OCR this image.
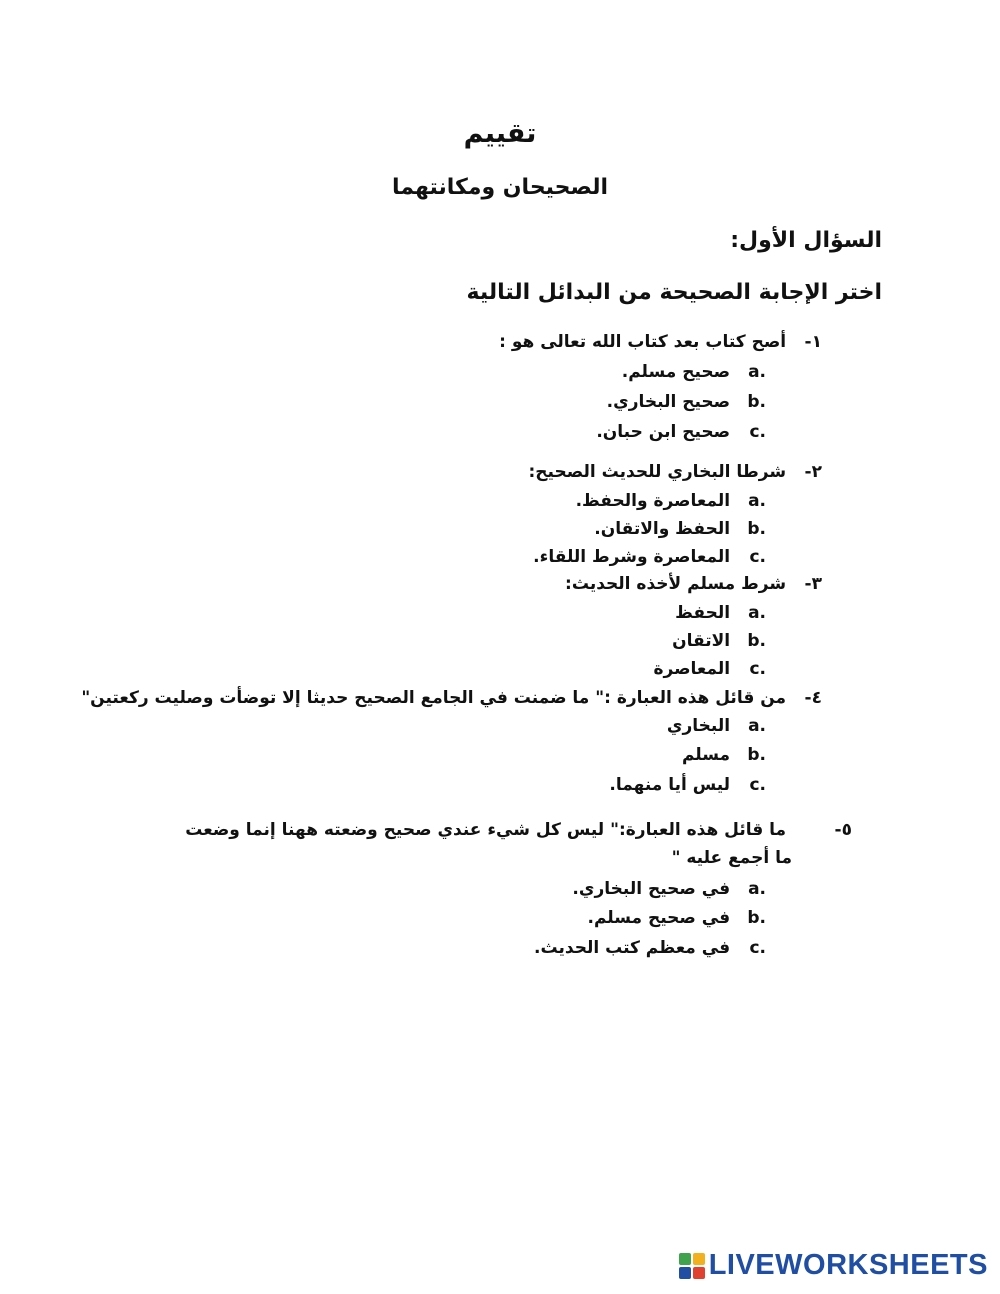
تقييم
الصحيحان ومكانتهما
السؤال الأول:
اختر الإجابة الصحيحة من البدائل التالية
١- أصح كتاب بعد كتاب الله تعالى هو :
a. صحيح مسلم.
b. صحيح البخاري.
c. صحيح ابن حبان.
٢- شرطا البخاري للحديث الصحيح:
a. المعاصرة والحفظ.
b. الحفظ والاتقان.
c. المعاصرة وشرط اللقاء.
٣- شرط مسلم لأخذه الحديث:
a. الحفظ
b. الاتقان
c. المعاصرة
٤- من قائل هذه العبارة :" ما ضمنت في الجامع الصحيح حديثا إلا توضأت وصليت ركعتين"
a. البخاري
b. مسلم
c. ليس أيا منهما.
٥- ما قائل هذه العبارة:" ليس كل شيء عندي صحيح وضعته ههنا إنما وضعت ما أجمع عليه "
a. في صحيح البخاري.
b. في صحيح مسلم.
c. في معظم كتب الحديث.
LIVEWORKSHEETS
